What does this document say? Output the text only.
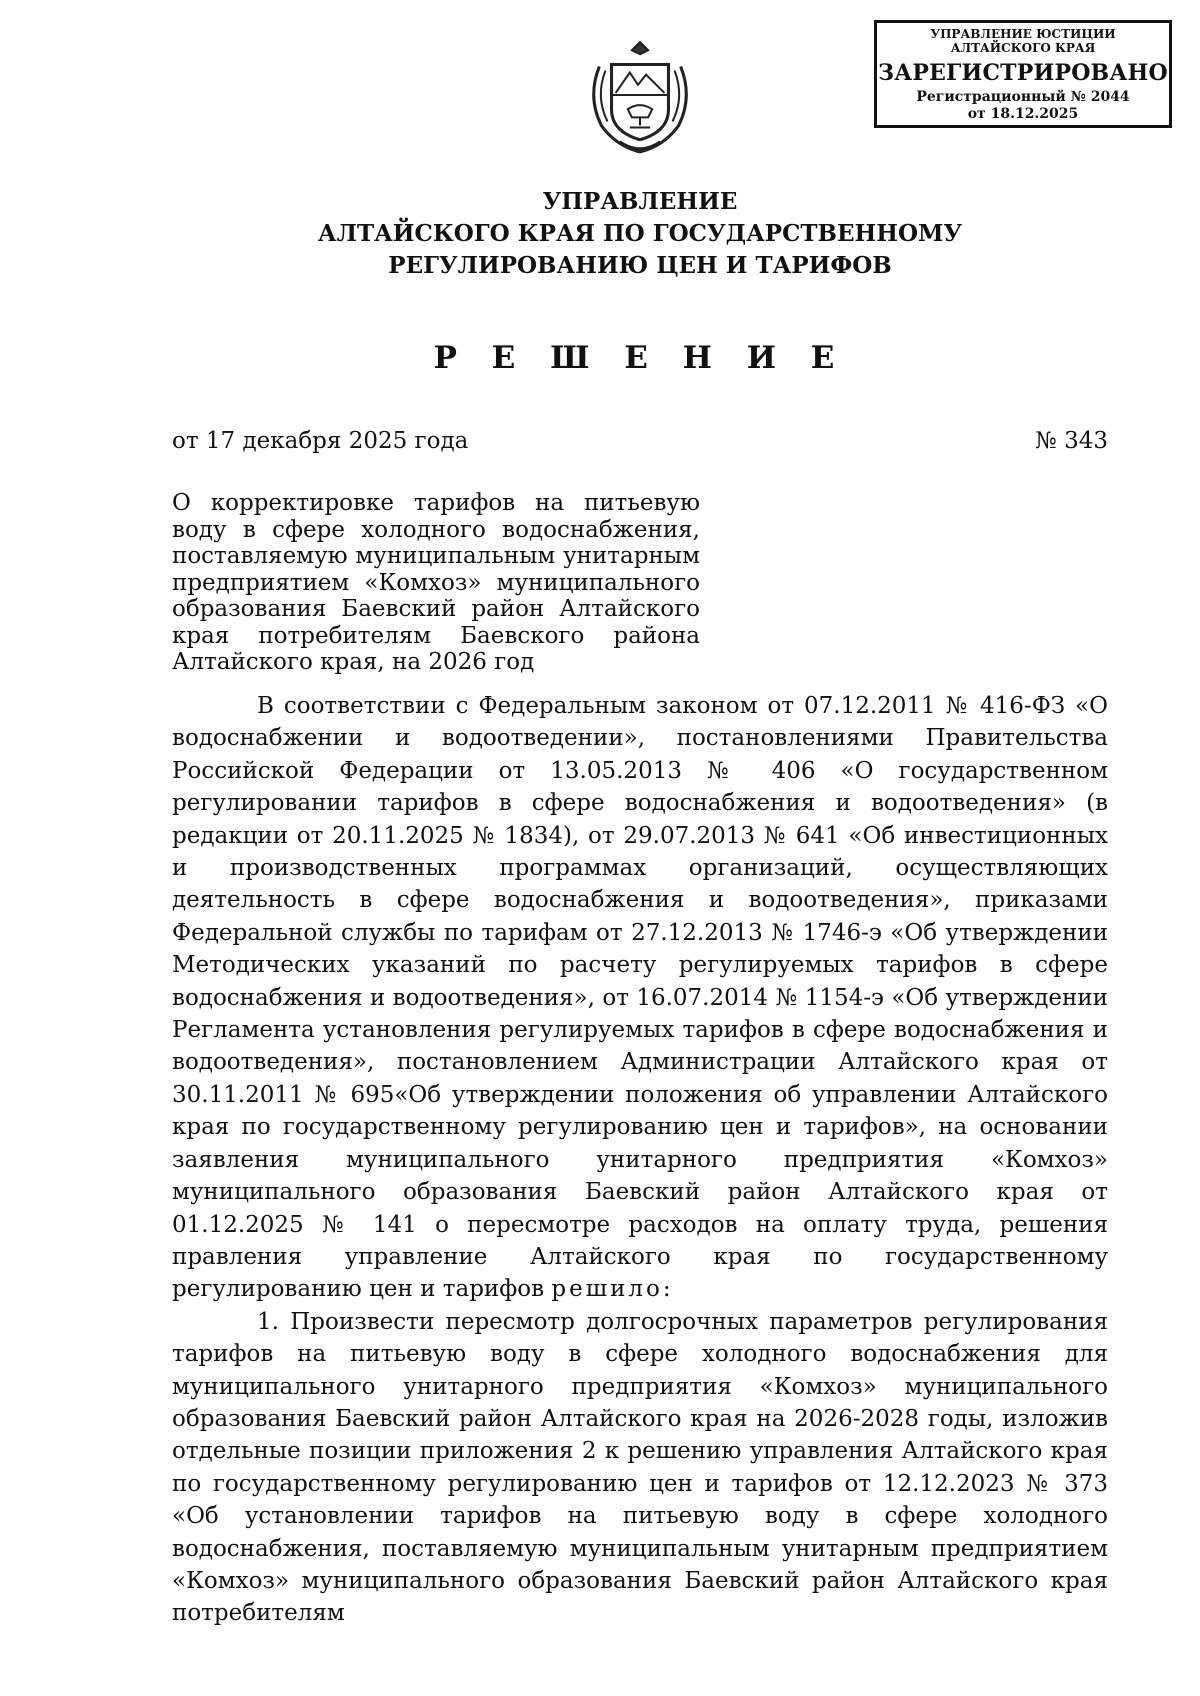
УПРАВЛЕНИЕ ЮСТИЦИИ
АЛТАЙСКОГО КРАЯ
ЗАРЕГИСТРИРОВАНО
Регистрационный № 2044
от 18.12.2025
УПРАВЛЕНИЕ
АЛТАЙСКОГО КРАЯ ПО ГОСУДАРСТВЕННОМУ
РЕГУЛИРОВАНИЮ ЦЕН И ТАРИФОВ
Р Е Ш Е Н И Е
от 17 декабря 2025 года	№ 343
О корректировке тарифов на питьевую воду в сфере холодного водоснабжения, поставляемую муниципальным унитарным предприятием «Комхоз» муниципального образования Баевский район Алтайского края потребителям Баевского района Алтайского края, на 2026 год

В соответствии с Федеральным законом от 07.12.2011 № 416-ФЗ «О водоснабжении и водоотведении», постановлениями Правительства Российской Федерации от 13.05.2013 № 406 «О государственном регулировании тарифов в сфере водоснабжения и водоотведения» (в редакции от 20.11.2025 № 1834), от 29.07.2013 № 641 «Об инвестиционных и производственных программах организаций, осуществляющих деятельность в сфере водоснабжения и водоотведения», приказами Федеральной службы по тарифам от 27.12.2013 № 1746-э «Об утверждении Методических указаний по расчету регулируемых тарифов в сфере водоснабжения и водоотведения», от 16.07.2014 № 1154-э «Об утверждении Регламента установления регулируемых тарифов в сфере водоснабжения и водоотведения», постановлением Администрации Алтайского края от 30.11.2011 № 695«Об утверждении положения об управлении Алтайского края по государственному регулированию цен и тарифов», на основании заявления муниципального унитарного предприятия «Комхоз» муниципального образования Баевский район Алтайского края от 01.12.2025 № 141 о пересмотре расходов на оплату труда, решения правления управление Алтайского края по государственному регулированию цен и тарифов решило:

1. Произвести пересмотр долгосрочных параметров регулирования тарифов на питьевую воду в сфере холодного водоснабжения для муниципального унитарного предприятия «Комхоз» муниципального образования Баевский район Алтайского края на 2026-2028 годы, изложив отдельные позиции приложения 2 к решению управления Алтайского края по государственному регулированию цен и тарифов от 12.12.2023 № 373 «Об установлении тарифов на питьевую воду в сфере холодного водоснабжения, поставляемую муниципальным унитарным предприятием «Комхоз» муниципального образования Баевский район Алтайского края потребителям
